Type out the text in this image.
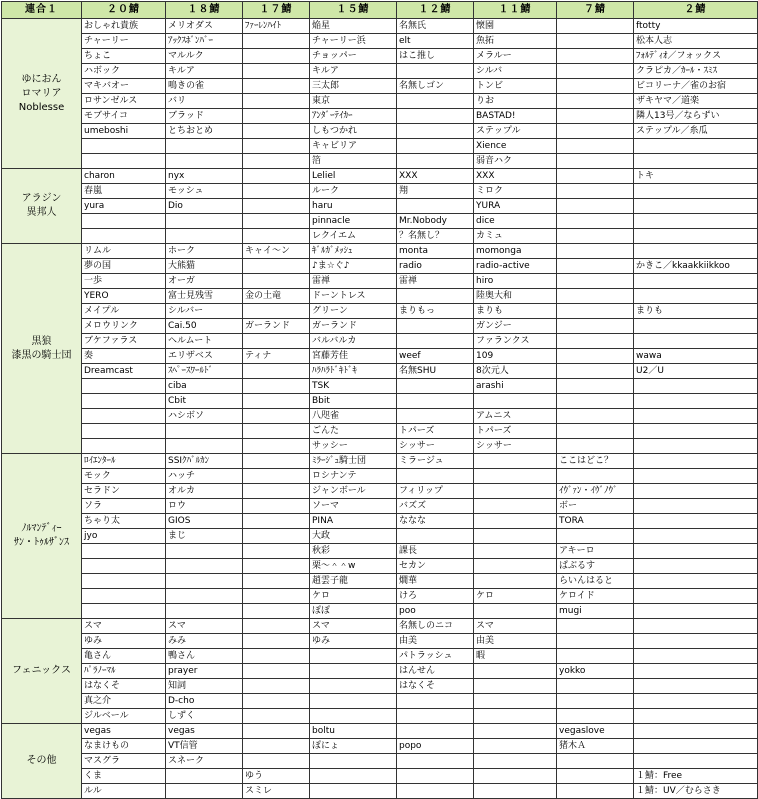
連合１	２０鯖	１８鯖	１７鯖	１５鯖	１２鯖	１１鯖	７鯖	２鯖

ゆにおん
ロマリア
Noblesse	おしゃれ貴族	メリオダス	ﾌｧｰﾚﾝﾊｲﾄ	焔星	名無氏	懐園		ftotty
	チャーリー	ｱｯｸｽﾎﾞﾝﾊﾞｰ		チャーリー浜	elt	魚拓		松本人志
	ちょこ	マルルク		チョッパー	はこ推し	メラルー		ﾌｫﾙﾃﾞｨｵ／フォックス
	ハボック	キルア		キルア		シルバ		クラピカ／ｶｰﾙ・ｽﾐｽ
	マキバオー	鳴きの雀		三太郎	名無しゴン	トンビ		ビコリーナ／雀のお宿
	ロサンゼルス	バリ		東京		りお		ザキヤマ／道楽
	モブサイコ	ブラッド		ｱﾝﾀﾞｰﾃｲｶｰ		BASTAD!		隣人13号／ならずい
	umeboshi	とちおとめ		しもつかれ		ステップル		ステップル／糸瓜
				キャビリア		Xience		
				箔		弱音ハク		

アラジン
異邦人	charon	nyx		Leliel	XXX	XXX		トキ
	春嵐	モッシュ		ルーク	翔	ミロク		
	yura	Dio		haru		YURA		
				pinnacle	Mr.Nobody	dice		
				レクイエム	？名無し？	カミュ		

黒狼
漆黒の騎士団	リムル	ホーク	キャイ～ン	ｷﾞﾙｶﾞﾒｯｼｭ	monta	momonga		
	夢の国	大熊猫		♪ま☆ぐ♪	radio	radio-active		かきこ／kkaakkiikkoo
	一歩	オーガ		雷禅	雷禅	hiro		
	YERO	富士見残雪	金の土竜	ドーントレス		陸奥大和		
	メイプル	シルバー		グリーン	まりもっ	まりも		まりも
	メロウリンク	Cai.50	ガーランド	ガーランド		ガンジー		
	ブケファラス	ヘルムート		バルバルカ		ファランクス		
	奏	エリザベス	ティナ	宮藤芳佳	weef	109		wawa
	Dreamcast	ｽﾍﾟｰｽﾜｰﾙﾄﾞ		ﾊﾗﾊﾗﾄﾞｷﾄﾞｷ	名無SHU	8次元人		U2／U
		ciba		TSK		arashi		
		Cbit		Bbit				
		ハシボソ		八咫雀		アムニス		
				ごんた	トパーズ	トパーズ		
				サッシー	シッサー	シッサー		

ﾉﾙﾏﾝﾃﾞｨｰ
ｻﾝ・ﾄｩﾙｻﾞﾝｽ	ﾛｲｴﾝﾀｰﾙ	SSIｸﾊﾞﾙｶﾝ		ﾐﾗｰｼﾞｭ騎士団	ミラージュ		ここはどこ？	
	モック	ハッチ		ロシナンテ				
	セラドン	オルカ		ジャンボール	フィリップ		ｲｳﾞｧﾝ・ｲｳﾞﾉｳﾞ	
	ソラ	ロウ		ソーマ	バズズ		ボー	
	ちゃり太	GIOS		PINA	ななな		TORA	
	jyo	まじ		大政				
				秋彩	課長		アキーロ	
				栗～＾＾w	セカン		ぱぶるす	
				趙雲子龍	燗華		らいんはると	
				ケロ	けろ	ケロ	ケロイド	
				ぽぽ	poo		mugi	

フェニックス	スマ	スマ		スマ	名無しのニコ	スマ		
	ゆみ	みみ		ゆみ	由美	由美		
	亀さん	鴨さん			パトラッシュ	暇		
	ﾊﾟﾗﾉｰﾏﾙ	prayer			はんせん		yokko	
	はなくそ	知詞			はなくそ			
	真之介	D-cho						
	ジルベール	しずく						

その他	vegas	vegas		boltu			vegaslove	
	なまけもの	VT信管		ぽにょ	popo		猪木Ａ	
	マスグラ	スネーク						
	くま		ゆう					１鯖：Free
	ルル		スミレ					１鯖：UV／むらさき
